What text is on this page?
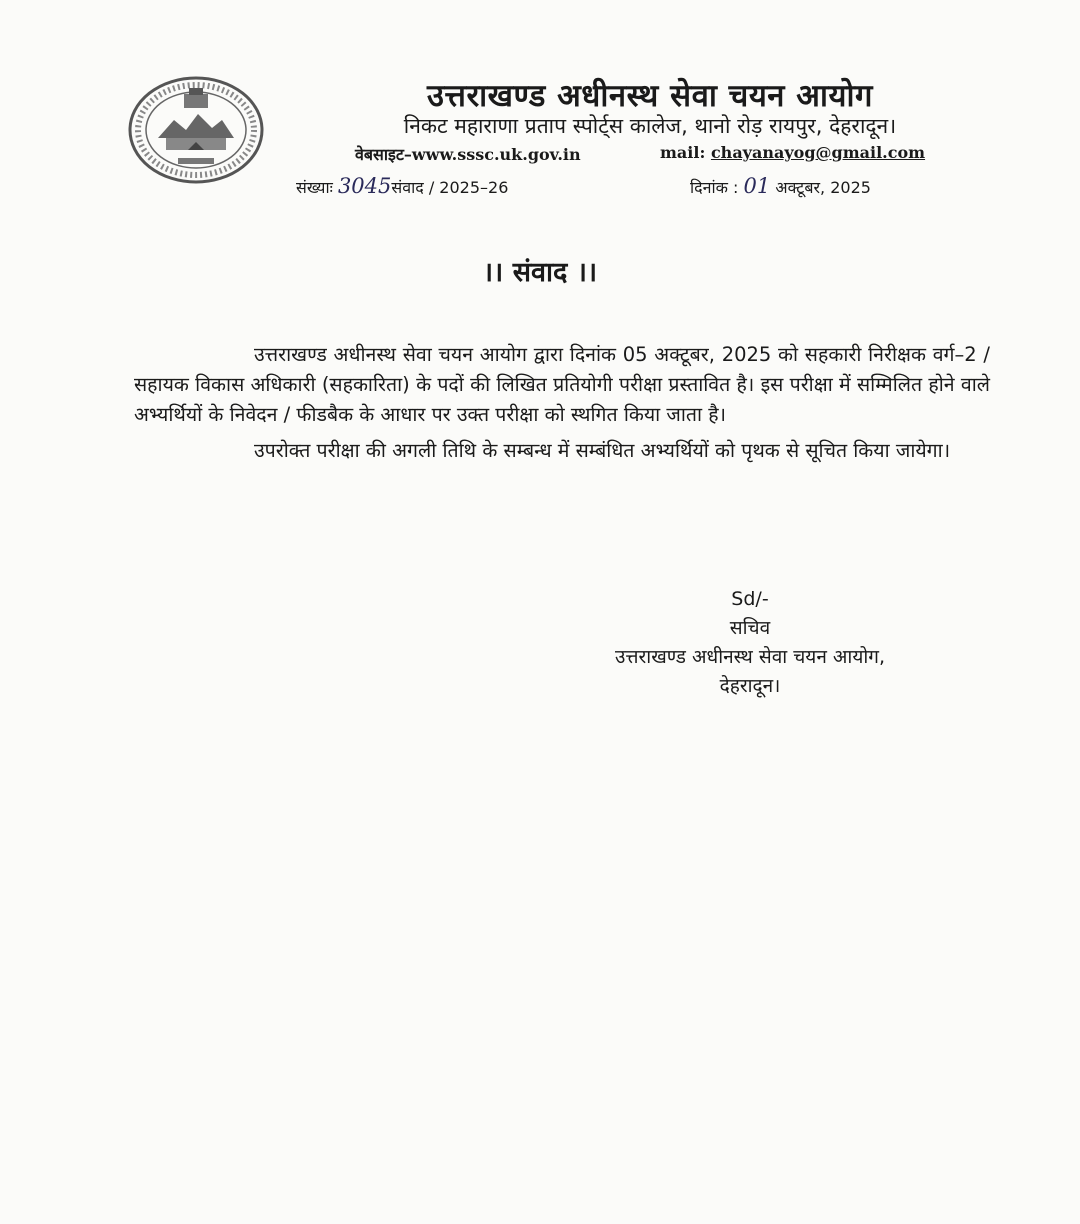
उत्तराखण्ड अधीनस्थ सेवा चयन आयोग
निकट महाराणा प्रताप स्पोर्ट्स कालेज, थानो रोड़ रायपुर, देहरादून।
वेबसाइट–www.sssc.uk.gov.in	mail: chayanayog@gmail.com
संख्याः 3045संवाद / 2025–26	दिनांक : 01 अक्टूबर, 2025
।। संवाद ।।

उत्तराखण्ड अधीनस्थ सेवा चयन आयोग द्वारा दिनांक 05 अक्टूबर, 2025 को सहकारी निरीक्षक वर्ग–2 / सहायक विकास अधिकारी (सहकारिता) के पदों की लिखित प्रतियोगी परीक्षा प्रस्तावित है। इस परीक्षा में सम्मिलित होने वाले अभ्यर्थियों के निवेदन / फीडबैक के आधार पर उक्त परीक्षा को स्थगित किया जाता है।

उपरोक्त परीक्षा की अगली तिथि के सम्बन्ध में सम्बंधित अभ्यर्थियों को पृथक से सूचित किया जायेगा।

Sd/-
सचिव
उत्तराखण्ड अधीनस्थ सेवा चयन आयोग,
देहरादून।
